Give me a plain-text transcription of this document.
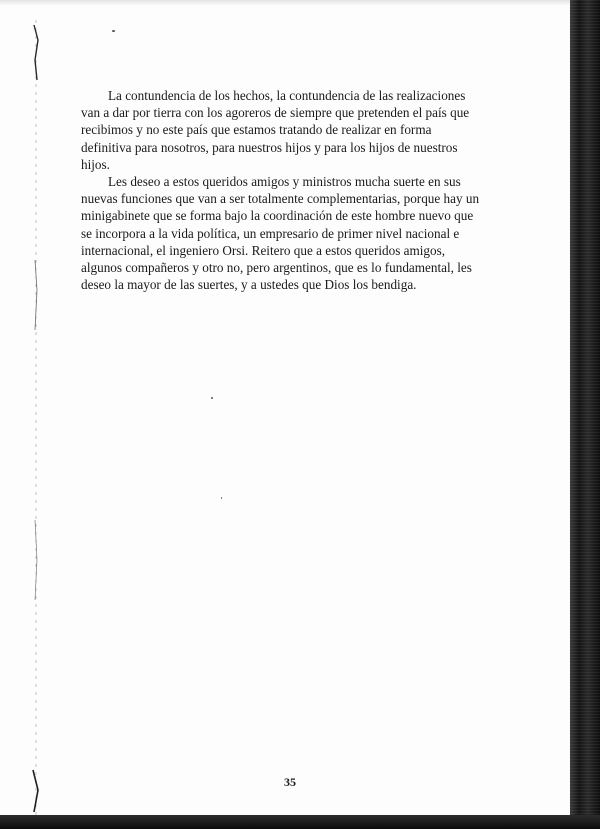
La contundencia de los hechos, la contundencia de las realizaciones van a dar por tierra con los agoreros de siempre que pretenden el país que recibimos y no este país que estamos tratando de realizar en forma definitiva para nosotros, para nuestros hijos y para los hijos de nuestros hijos.

Les deseo a estos queridos amigos y ministros mucha suerte en sus nuevas funciones que van a ser totalmente complementarias, porque hay un minigabinete que se forma bajo la coordinación de este hombre nuevo que se incorpora a la vida política, un empresario de primer nivel nacional e internacional, el ingeniero Orsi. Reitero que a estos queridos amigos, algunos compañeros y otro no, pero argentinos, que es lo fundamental, les deseo la mayor de las suertes, y a ustedes que Dios los bendiga.

35
